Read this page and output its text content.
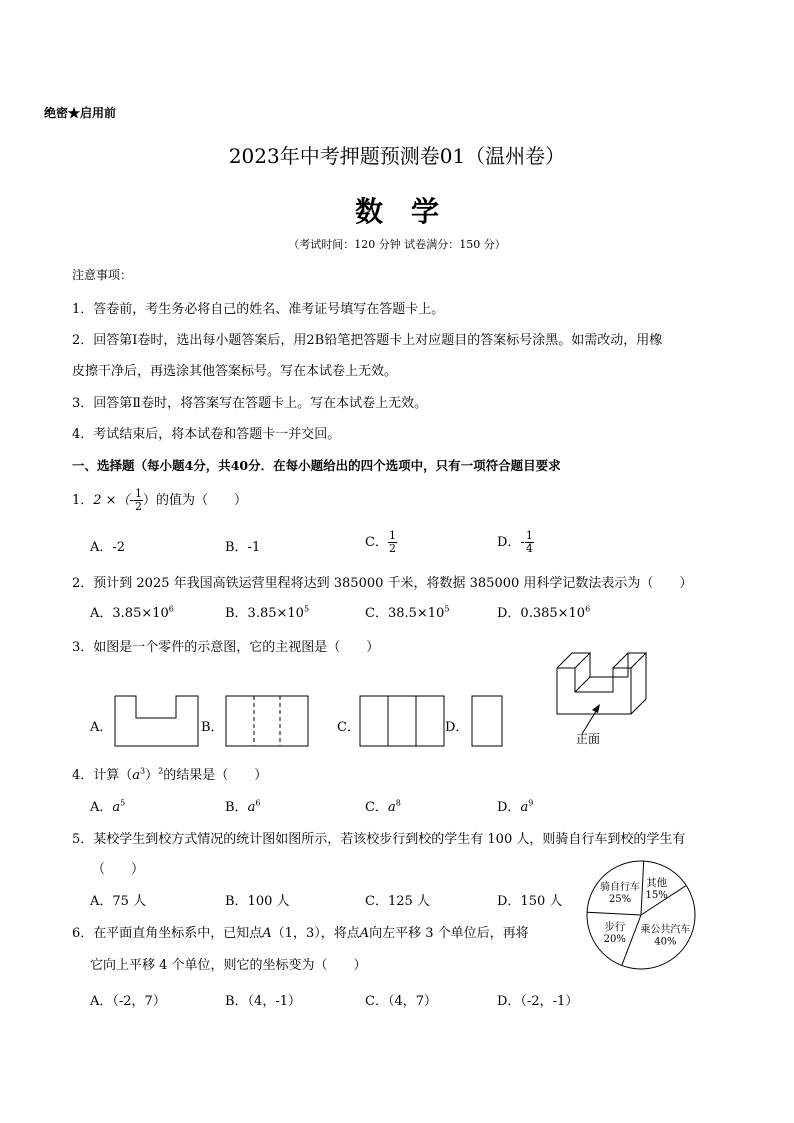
绝密★启用前
2023年中考押题预测卷01（温州卷）
数学
（考试时间：120 分钟 试卷满分：150 分）
注意事项：
1．答卷前，考生务必将自己的姓名、准考证号填写在答题卡上。
2．回答第Ⅰ卷时，选出每小题答案后，用2B铅笔把答题卡上对应题目的答案标号涂黑。如需改动，用橡
皮擦干净后，再选涂其他答案标号。写在本试卷上无效。
3．回答第Ⅱ卷时，将答案写在答题卡上。写在本试卷上无效。
4．考试结束后，将本试卷和答题卡一并交回。
一、选择题（每小题4分，共40分．在每小题给出的四个选项中，只有一项符合题目要求
1．2 ×（- $\frac{1}{2}$ ）的值为（　　）
A．-2	B．-1	C． $\frac{1}{2}$	D．- $\frac{1}{4}$
2．预计到 2025 年我国高铁运营里程将达到 385000 千米，将数据 385000 用科学记数法表示为（　　）
A．$3.85\times 10^6$	B．$3.85\times 10^5$	C．$38.5\times 10^5$	D．$0.385\times 10^6$
3．如图是一个零件的示意图，它的主视图是（　　）
A．	B．	C．	D．
正面
4．计算$(a^3)^2$的结果是（　　）
A．$a^5$	B．$a^6$	C．$a^8$	D．$a^9$
5．某校学生到校方式情况的统计图如图所示，若该校步行到校的学生有 100 人，则骑自行车到校的学生有
（　　）
A．75 人	B．100 人	C．125 人	D．150 人
其他
15%
乘公共汽车
40%
步行
20%
骑自行车
25%
6．在平面直角坐标系中，已知点A（1，3），将点A向左平移 3 个单位后，再将
它向上平移 4 个单位，则它的坐标变为（　　）
A．（-2，7）	B．（4，-1）	C．（4，7）	D．（-2，-1）
